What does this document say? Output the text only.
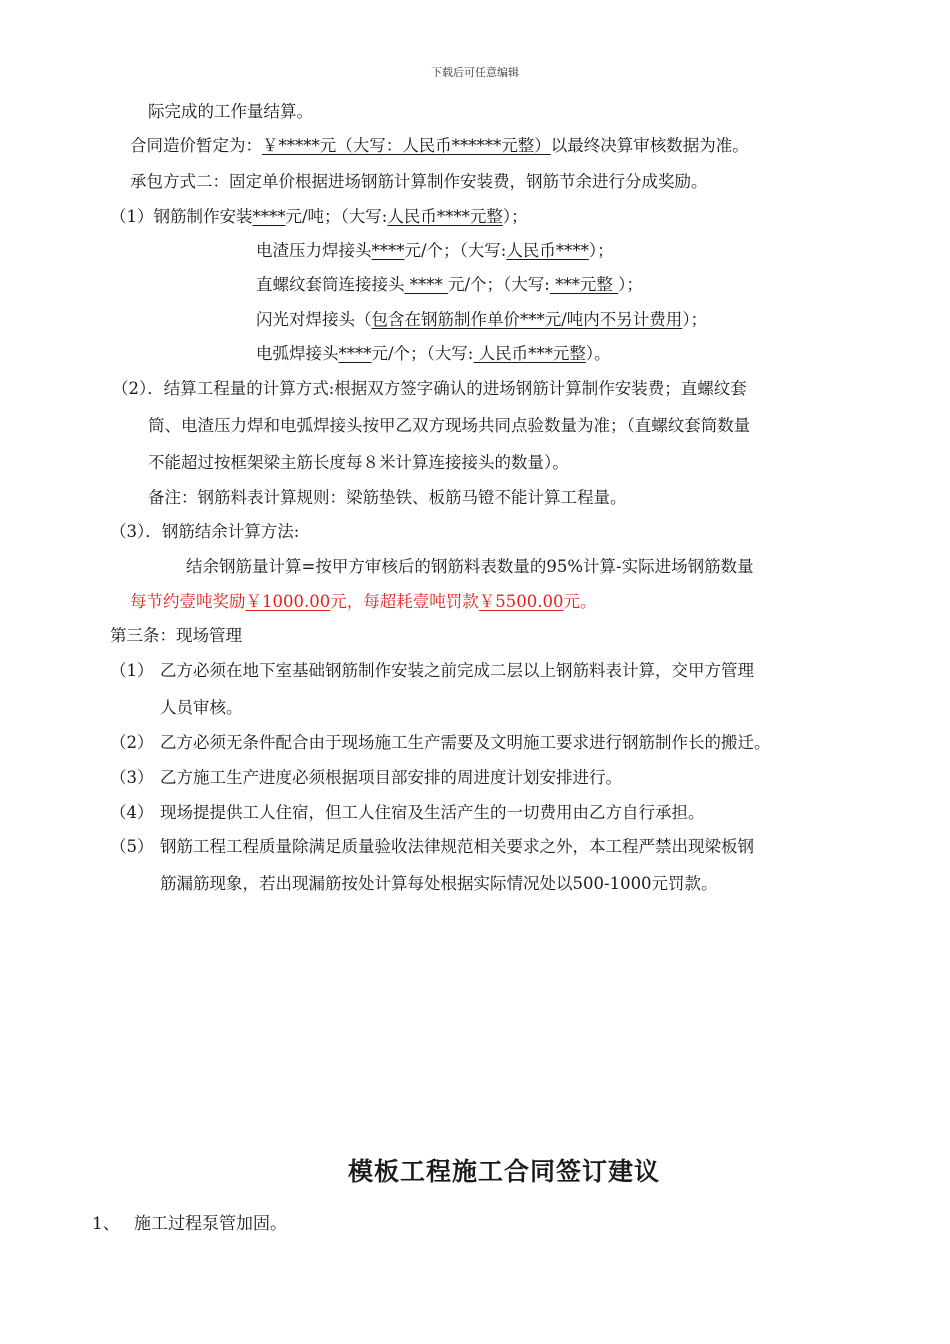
下载后可任意编辑
际完成的工作量结算。
合同造价暂定为：￥*****元（大写：人民币******元整）以最终决算审核数据为准。
承包方式二：固定单价根据进场钢筋计算制作安装费，钢筋节余进行分成奖励。
（1）钢筋制作安装****元/吨；（大写:人民币****元整）；
电渣压力焊接头****元/个；（大写:人民币****）；
直螺纹套筒连接接头 **** 元/个；（大写: ***元整 ）；
闪光对焊接头（包含在钢筋制作单价***元/吨内不另计费用）；
电弧焊接头****元/个；（大写: 人民币***元整）。
（2）．结算工程量的计算方式:根据双方签字确认的进场钢筋计算制作安装费；直螺纹套
筒、电渣压力焊和电弧焊接头按甲乙双方现场共同点验数量为准；（直螺纹套筒数量
不能超过按框架梁主筋长度每８米计算连接接头的数量）。
备注：钢筋料表计算规则：梁筋垫铁、板筋马镫不能计算工程量。
（3）．钢筋结余计算方法:
结余钢筋量计算=按甲方审核后的钢筋料表数量的95%计算-实际进场钢筋数量
每节约壹吨奖励￥1000.00元，每超耗壹吨罚款￥5500.00元。
第三条：现场管理
（1） 乙方必须在地下室基础钢筋制作安装之前完成二层以上钢筋料表计算，交甲方管理
人员审核。
（2） 乙方必须无条件配合由于现场施工生产需要及文明施工要求进行钢筋制作长的搬迁。
（3） 乙方施工生产进度必须根据项目部安排的周进度计划安排进行。
（4） 现场提提供工人住宿，但工人住宿及生活产生的一切费用由乙方自行承担。
（5） 钢筋工程工程质量除满足质量验收法律规范相关要求之外，本工程严禁出现梁板钢
筋漏筋现象，若出现漏筋按处计算每处根据实际情况处以500-1000元罚款。
模板工程施工合同签订建议
1、 施工过程泵管加固。
